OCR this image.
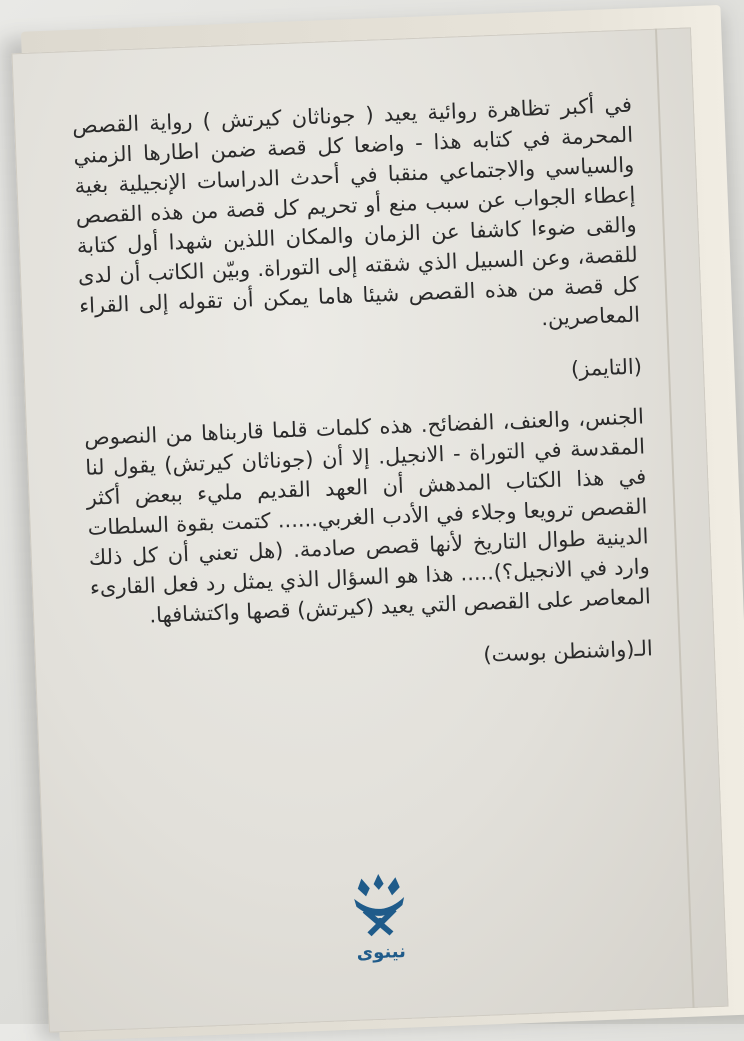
في أكبر تظاهرة روائية يعيد ( جوناثان كيرتش ) رواية القصص المحرمة في كتابه هذا - واضعا كل قصة ضمن اطارها الزمني والسياسي والاجتماعي منقبا في أحدث الدراسات الإنجيلية بغية إعطاء الجواب عن سبب منع أو تحريم كل قصة من هذه القصص والقى ضوءا كاشفا عن الزمان والمكان اللذين شهدا أول كتابة للقصة، وعن السبيل الذي شقته إلى التوراة. وبيّن الكاتب أن لدى كل قصة من هذه القصص شيئا هاما يمكن أن تقوله إلى القراء المعاصرين.

(التايمز)

الجنس، والعنف، الفضائح. هذه كلمات قلما قاربناها من النصوص المقدسة في التوراة - الانجيل. إلا أن (جوناثان كيرتش) يقول لنا في هذا الكتاب المدهش أن العهد القديم مليء ببعض أكثر القصص ترويعا وجلاء في الأدب الغربي...... كتمت بقوة السلطات الدينية طوال التاريخ لأنها قصص صادمة. (هل تعني أن كل ذلك وارد في الانجيل؟)..... هذا هو السؤال الذي يمثل رد فعل القارىء المعاصر على القصص التي يعيد (كيرتش) قصها واكتشافها.

الـ(واشنطن بوست)

نينوى
